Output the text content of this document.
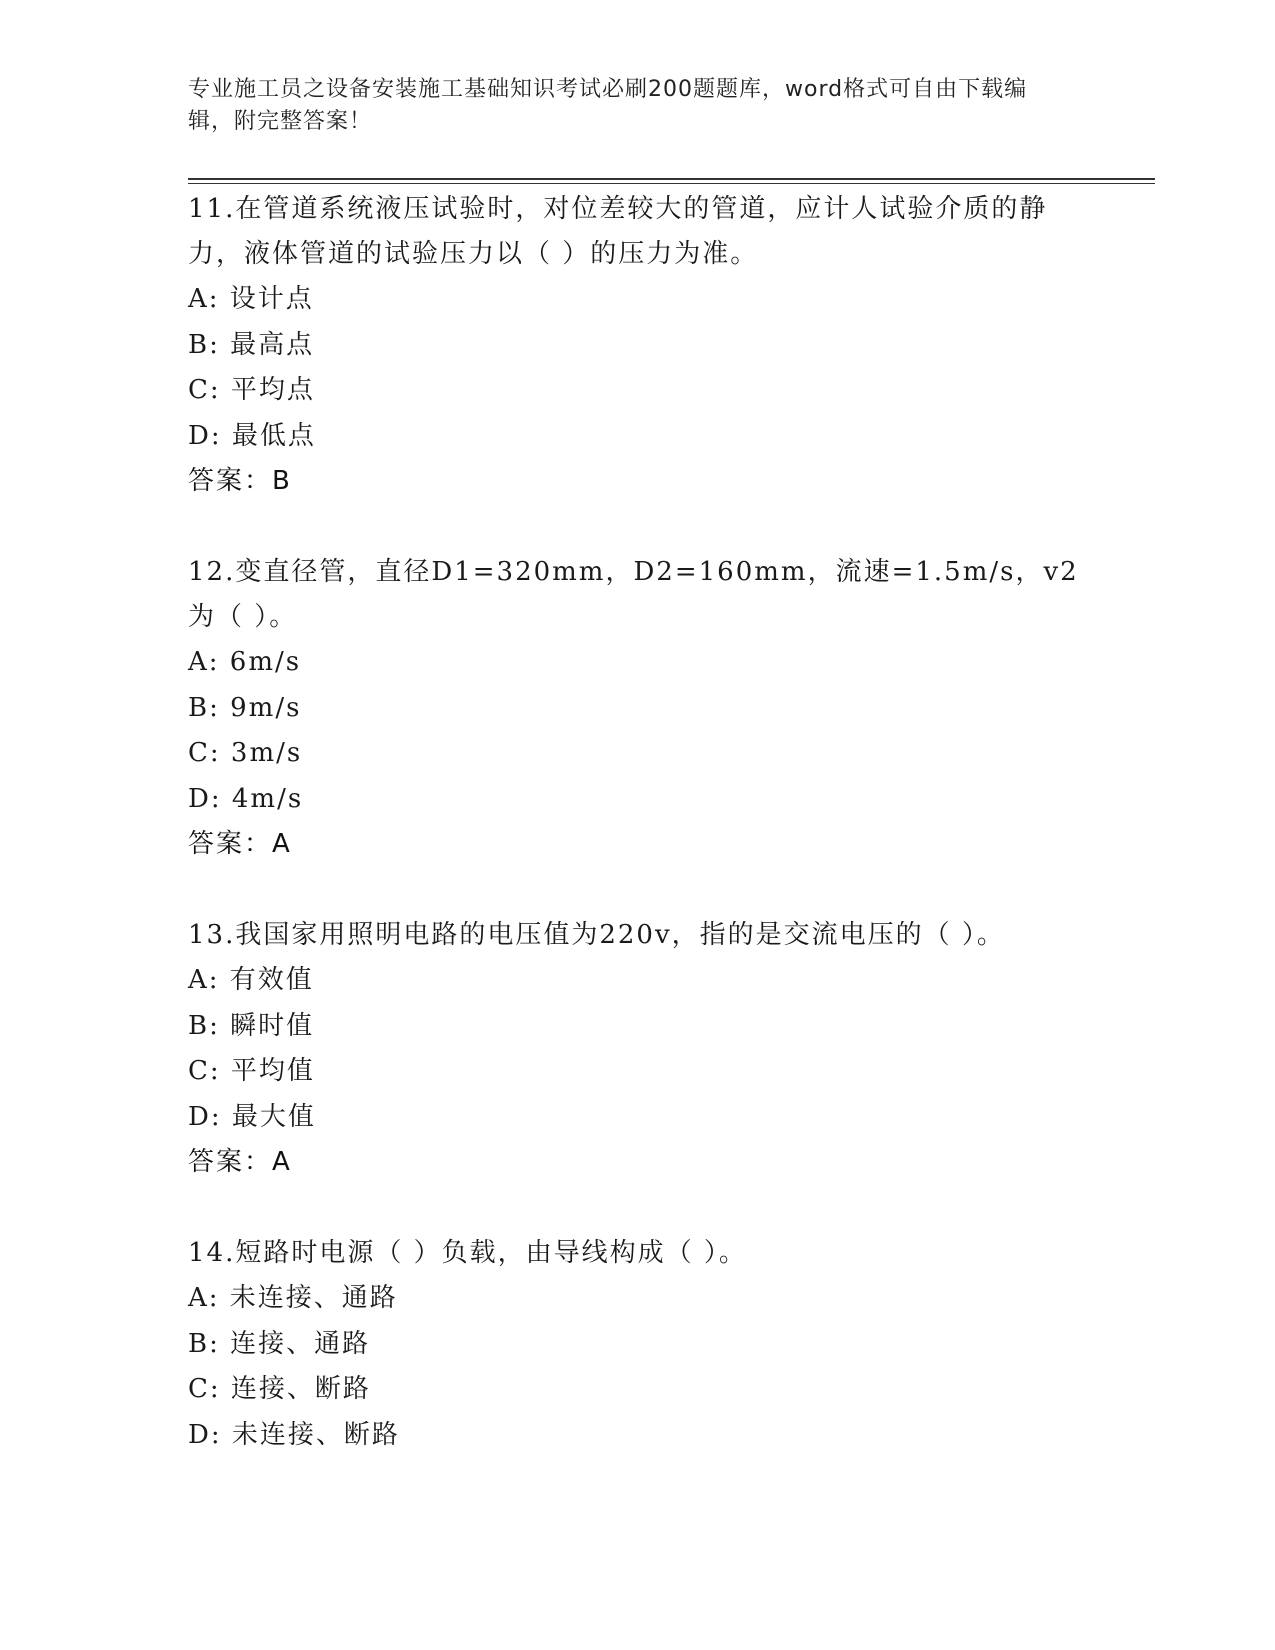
专业施工员之设备安装施工基础知识考试必刷200题题库，word格式可自由下载编辑，附完整答案！
11.在管道系统液压试验时，对位差较大的管道，应计人试验介质的静力，液体管道的试验压力以（ ）的压力为准。
A: 设计点
B: 最高点
C: 平均点
D: 最低点
答案：B
12.变直径管，直径D1=320mm，D2=160mm，流速=1.5m/s，v2为（ ）。
A: 6m/s
B: 9m/s
C: 3m/s
D: 4m/s
答案：A
13.我国家用照明电路的电压值为220v，指的是交流电压的（ ）。
A: 有效值
B: 瞬时值
C: 平均值
D: 最大值
答案：A
14.短路时电源（ ）负载，由导线构成（ ）。
A: 未连接、通路
B: 连接、通路
C: 连接、断路
D: 未连接、断路
